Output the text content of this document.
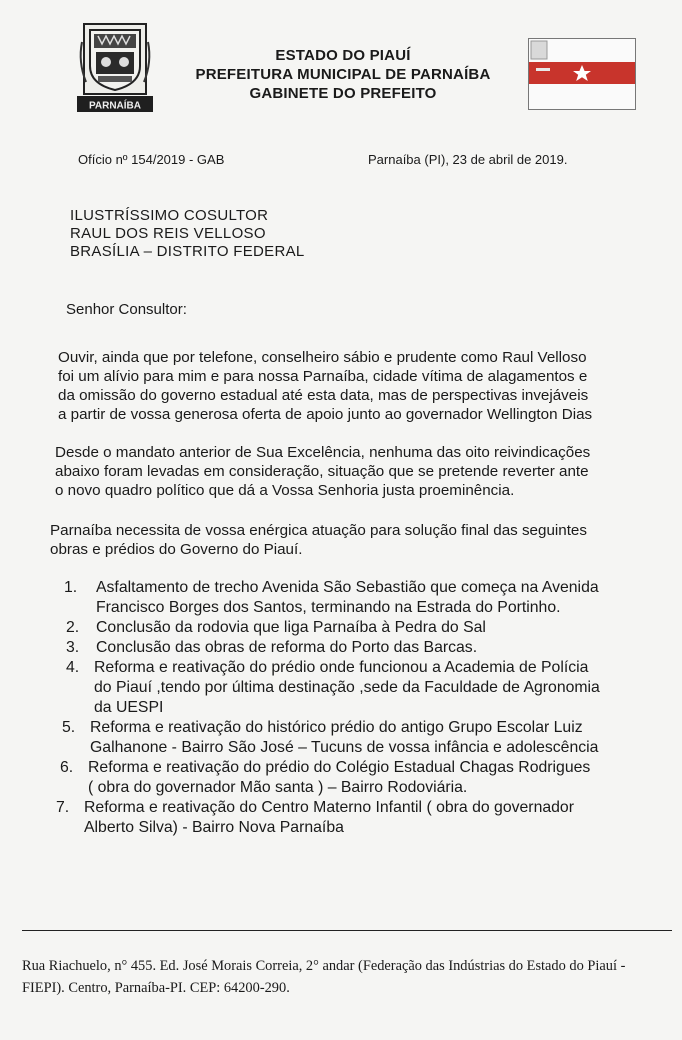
PARNAÍBA
ESTADO DO PIAUÍ
PREFEITURA MUNICIPAL DE PARNAÍBA
GABINETE DO PREFEITO
Ofício nº 154/2019 - GAB	Parnaíba (PI), 23 de abril de 2019.
ILUSTRÍSSIMO COSULTOR
RAUL DOS REIS VELLOSO
BRASÍLIA – DISTRITO FEDERAL
Senhor Consultor:
Ouvir, ainda que por telefone, conselheiro sábio e prudente como Raul Velloso
foi um alívio para mim e para nossa Parnaíba, cidade vítima de alagamentos e
da omissão do governo estadual até esta data, mas de perspectivas invejáveis
a partir de vossa generosa oferta de apoio junto ao governador Wellington Dias
Desde o mandato anterior de Sua Excelência, nenhuma das oito reivindicações
abaixo foram levadas em consideração, situação que se pretende reverter ante
o novo quadro político que dá a Vossa Senhoria justa proeminência.
Parnaíba necessita de vossa enérgica atuação para solução final das seguintes
obras e prédios do Governo do Piauí.
1. Asfaltamento de trecho Avenida São Sebastião que começa na Avenida
Francisco Borges dos Santos, terminando na Estrada do Portinho.
2. Conclusão da rodovia que liga Parnaíba à Pedra do Sal
3. Conclusão das obras de reforma do Porto das Barcas.
4. Reforma e reativação do prédio onde funcionou a Academia de Polícia
do Piauí ,tendo por última destinação ,sede da Faculdade de Agronomia
da UESPI
5. Reforma e reativação do histórico prédio do antigo Grupo Escolar Luiz
Galhanone - Bairro São José – Tucuns de vossa infância e adolescência
6. Reforma e reativação do prédio do Colégio Estadual Chagas Rodrigues
( obra do governador Mão santa ) – Bairro Rodoviária.
7. Reforma e reativação do Centro Materno Infantil ( obra do governador
Alberto Silva) - Bairro Nova Parnaíba
Rua Riachuelo, n° 455. Ed. José Morais Correia, 2° andar (Federação das Indústrias do Estado do Piauí -
FIEPI). Centro, Parnaíba-PI. CEP: 64200-290.
